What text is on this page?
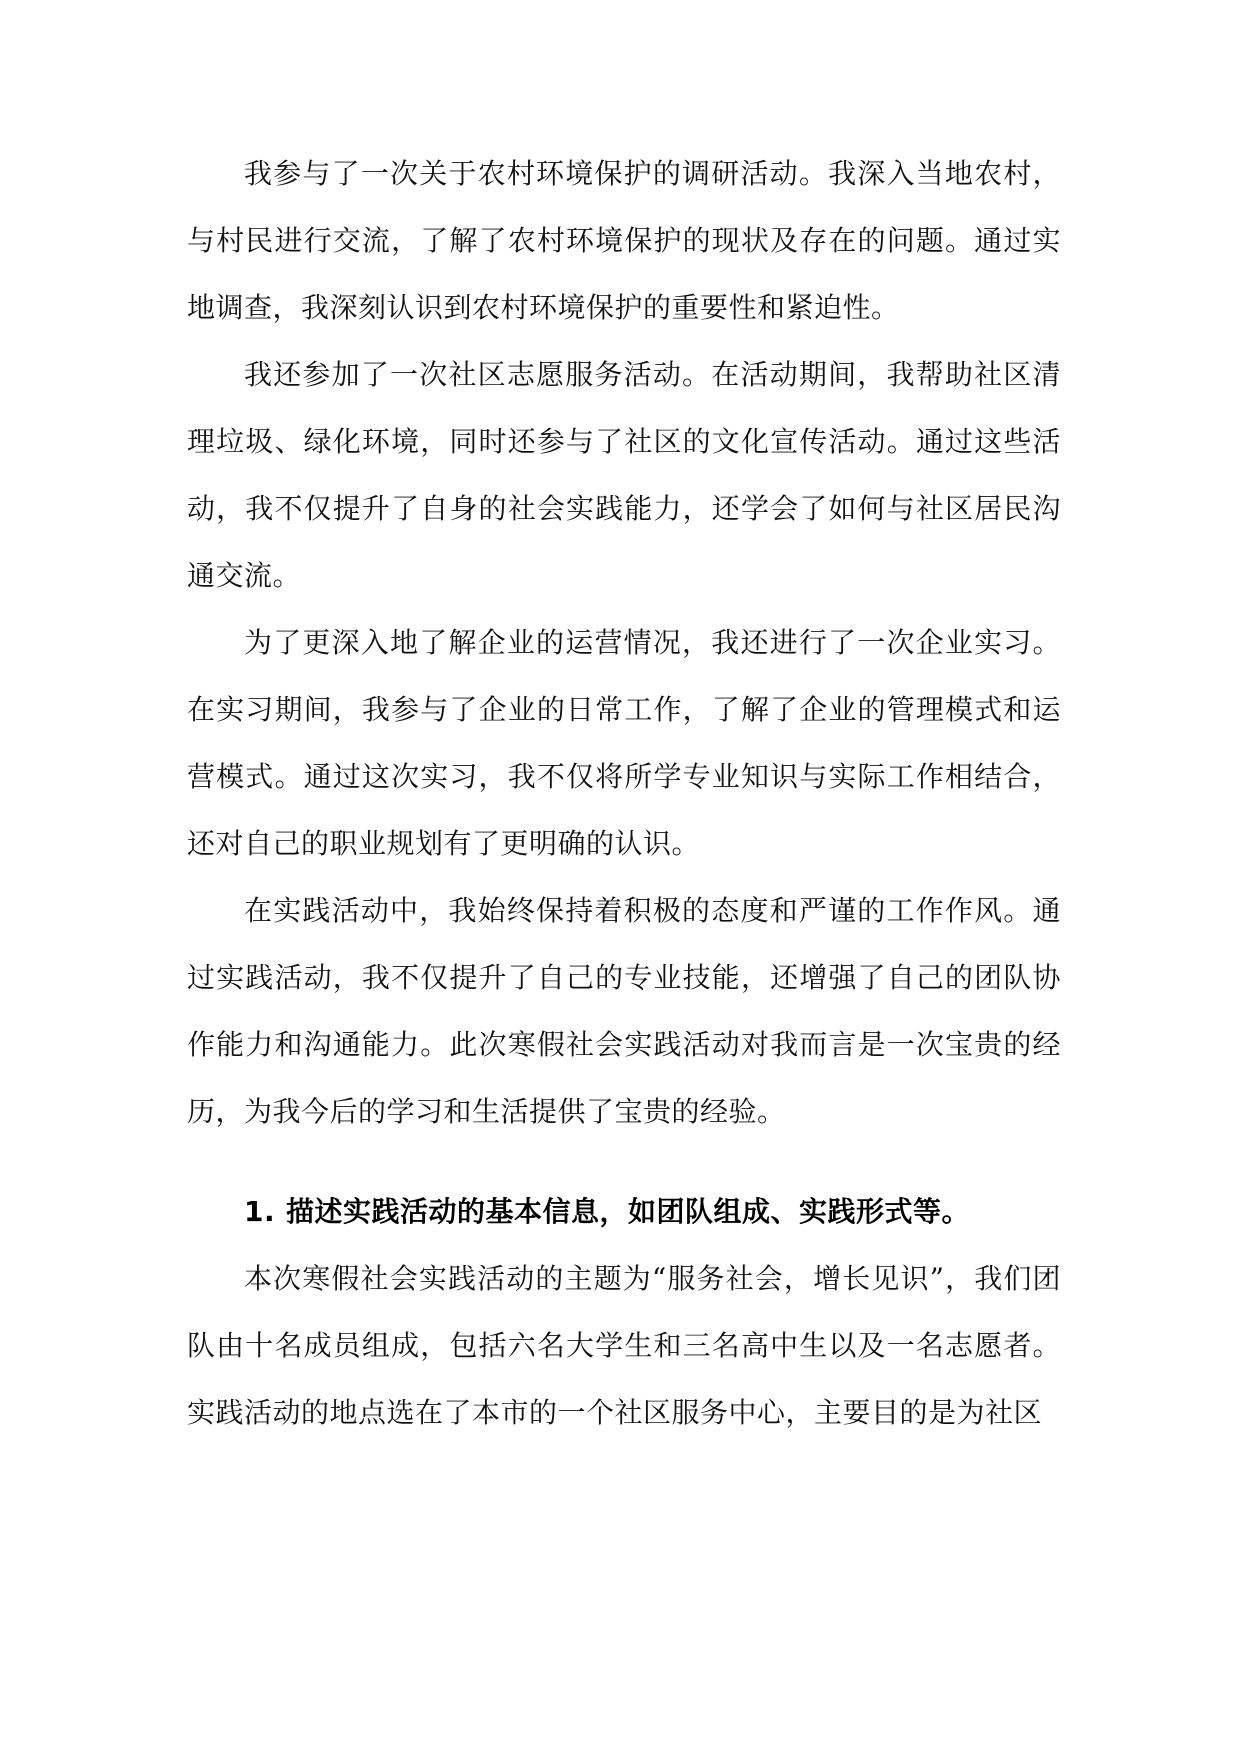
我参与了一次关于农村环境保护的调研活动。我深入当地农村，与村民进行交流，了解了农村环境保护的现状及存在的问题。通过实地调查，我深刻认识到农村环境保护的重要性和紧迫性。

我还参加了一次社区志愿服务活动。在活动期间，我帮助社区清理垃圾、绿化环境，同时还参与了社区的文化宣传活动。通过这些活动，我不仅提升了自身的社会实践能力，还学会了如何与社区居民沟通交流。

为了更深入地了解企业的运营情况，我还进行了一次企业实习。在实习期间，我参与了企业的日常工作，了解了企业的管理模式和运营模式。通过这次实习，我不仅将所学专业知识与实际工作相结合，还对自己的职业规划有了更明确的认识。

在实践活动中，我始终保持着积极的态度和严谨的工作作风。通过实践活动，我不仅提升了自己的专业技能，还增强了自己的团队协作能力和沟通能力。此次寒假社会实践活动对我而言是一次宝贵的经历，为我今后的学习和生活提供了宝贵的经验。

1. 描述实践活动的基本信息，如团队组成、实践形式等。

本次寒假社会实践活动的主题为“服务社会，增长见识”，我们团队由十名成员组成，包括六名大学生和三名高中生以及一名志愿者。实践活动的地点选在了本市的一个社区服务中心，主要目的是为社区
